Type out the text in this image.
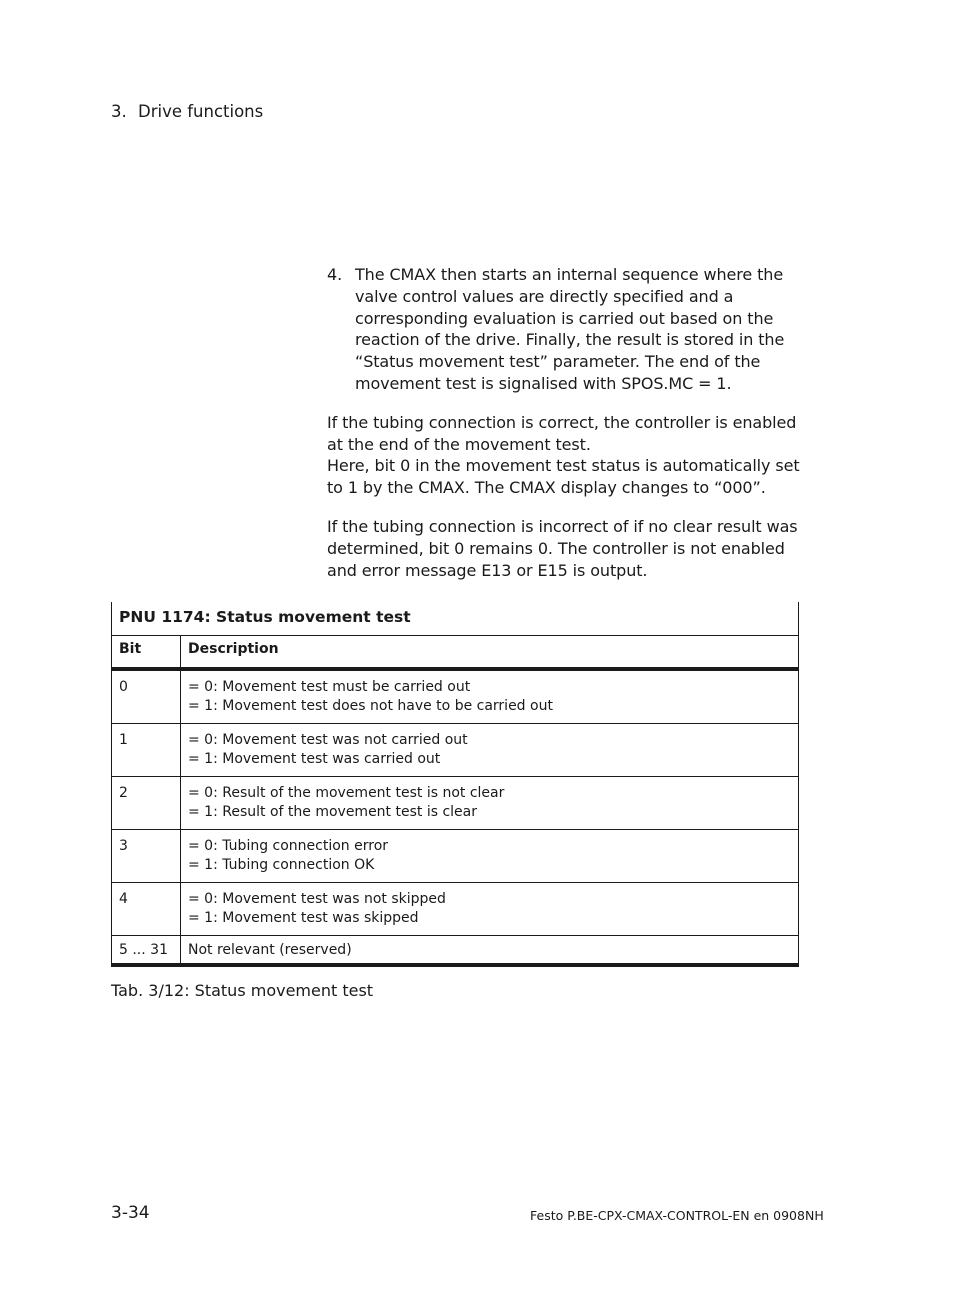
3. Drive functions
4. The CMAX then starts an internal sequence where the valve control values are directly specified and a corresponding evaluation is carried out based on the reaction of the drive. Finally, the result is stored in the “Status movement test” parameter. The end of the movement test is signalised with SPOS.MC = 1.

If the tubing connection is correct, the controller is enabled at the end of the movement test.

Here, bit 0 in the movement test status is automatically set to 1 by the CMAX. The CMAX display changes to “000”.

If the tubing connection is incorrect of if no clear result was determined, bit 0 remains 0. The controller is not enabled and error message E13 or E15 is output.

PNU 1174: Status movement test	
Bit	Description
0	= 0: Movement test must be carried out
= 1: Movement test does not have to be carried out

1	= 0: Movement test was not carried out
= 1: Movement test was carried out

2	= 0: Result of the movement test is not clear
= 1: Result of the movement test is clear

3	= 0: Tubing connection error
= 1: Tubing connection OK

4	= 0: Movement test was not skipped
= 1: Movement test was skipped

5 ... 31	Not relevant (reserved)
Tab. 3/12: Status movement test
3-34	Festo P.BE-CPX-CMAX-CONTROL-EN en 0908NH
